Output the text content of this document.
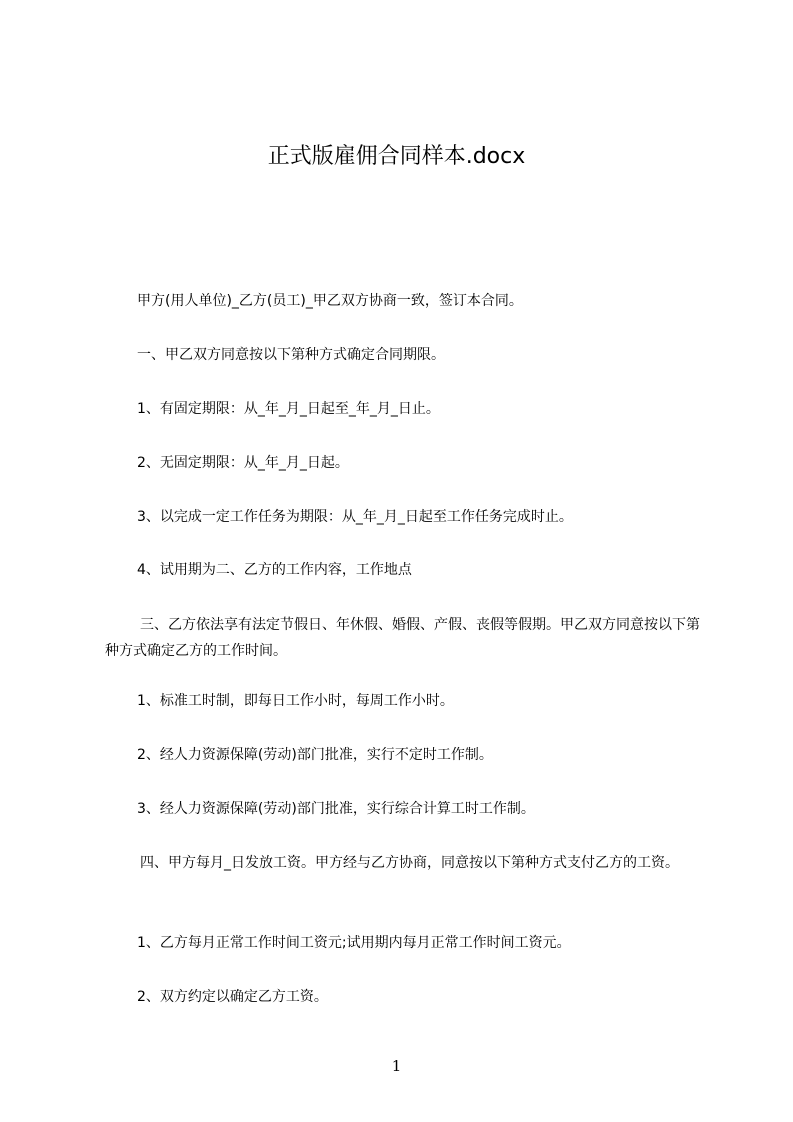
正式版雇佣合同样本.docx
甲方(用人单位)_乙方(员工)_甲乙双方协商一致，签订本合同。
一、甲乙双方同意按以下第种方式确定合同期限。
1、有固定期限：从_年_月_日起至_年_月_日止。
2、无固定期限：从_年_月_日起。
3、以完成一定工作任务为期限：从_年_月_日起至工作任务完成时止。
4、试用期为二、乙方的工作内容，工作地点
三、乙方依法享有法定节假日、年休假、婚假、产假、丧假等假期。甲乙双方同意按以下第种方式确定乙方的工作时间。
1、标准工时制，即每日工作小时，每周工作小时。
2、经人力资源保障(劳动)部门批准，实行不定时工作制。
3、经人力资源保障(劳动)部门批准，实行综合计算工时工作制。
四、甲方每月_日发放工资。甲方经与乙方协商，同意按以下第种方式支付乙方的工资。
1、乙方每月正常工作时间工资元;试用期内每月正常工作时间工资元。
2、双方约定以确定乙方工资。
1
